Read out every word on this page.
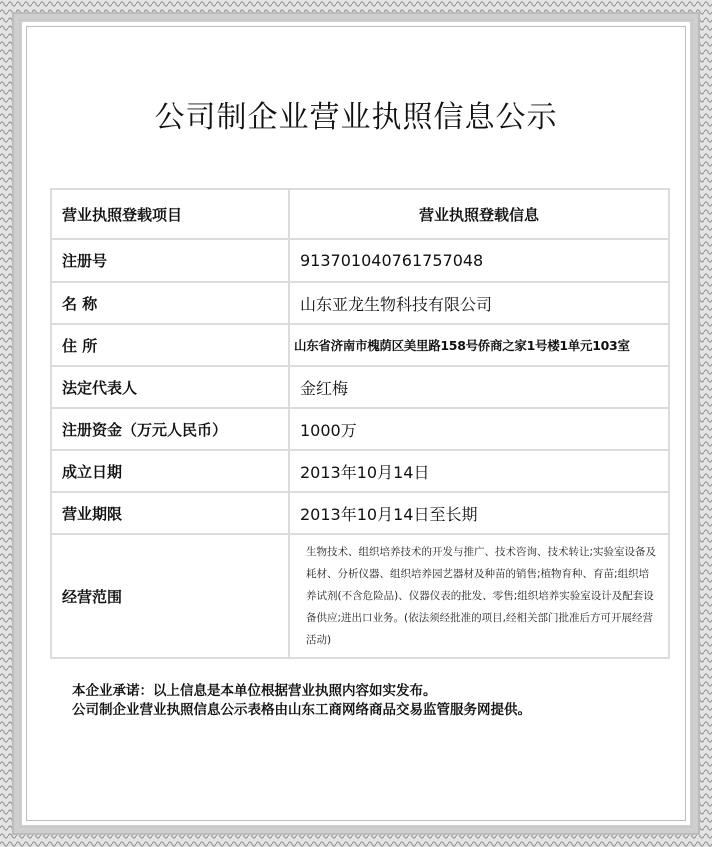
公司制企业营业执照信息公示
营业执照登载项目	营业执照登载信息
注册号	913701040761757048
名 称	山东亚龙生物科技有限公司
住 所	山东省济南市槐荫区美里路158号侨商之家1号楼1单元103室
法定代表人	金红梅
注册资金（万元人民币）	1000万
成立日期	2013年10月14日
营业期限	2013年10月14日至长期
经营范围	生物技术、组织培养技术的开发与推广、技术咨询、技术转让;实验室设备及耗材、分析仪器、组织培养园艺器材及种苗的销售;植物育种、育苗;组织培养试剂(不含危险品)、仪器仪表的批发、零售;组织培养实验室设计及配套设备供应;进出口业务。(依法须经批准的项目,经相关部门批准后方可开展经营活动)
本企业承诺：以上信息是本单位根据营业执照内容如实发布。
公司制企业营业执照信息公示表格由山东工商网络商品交易监管服务网提供。
